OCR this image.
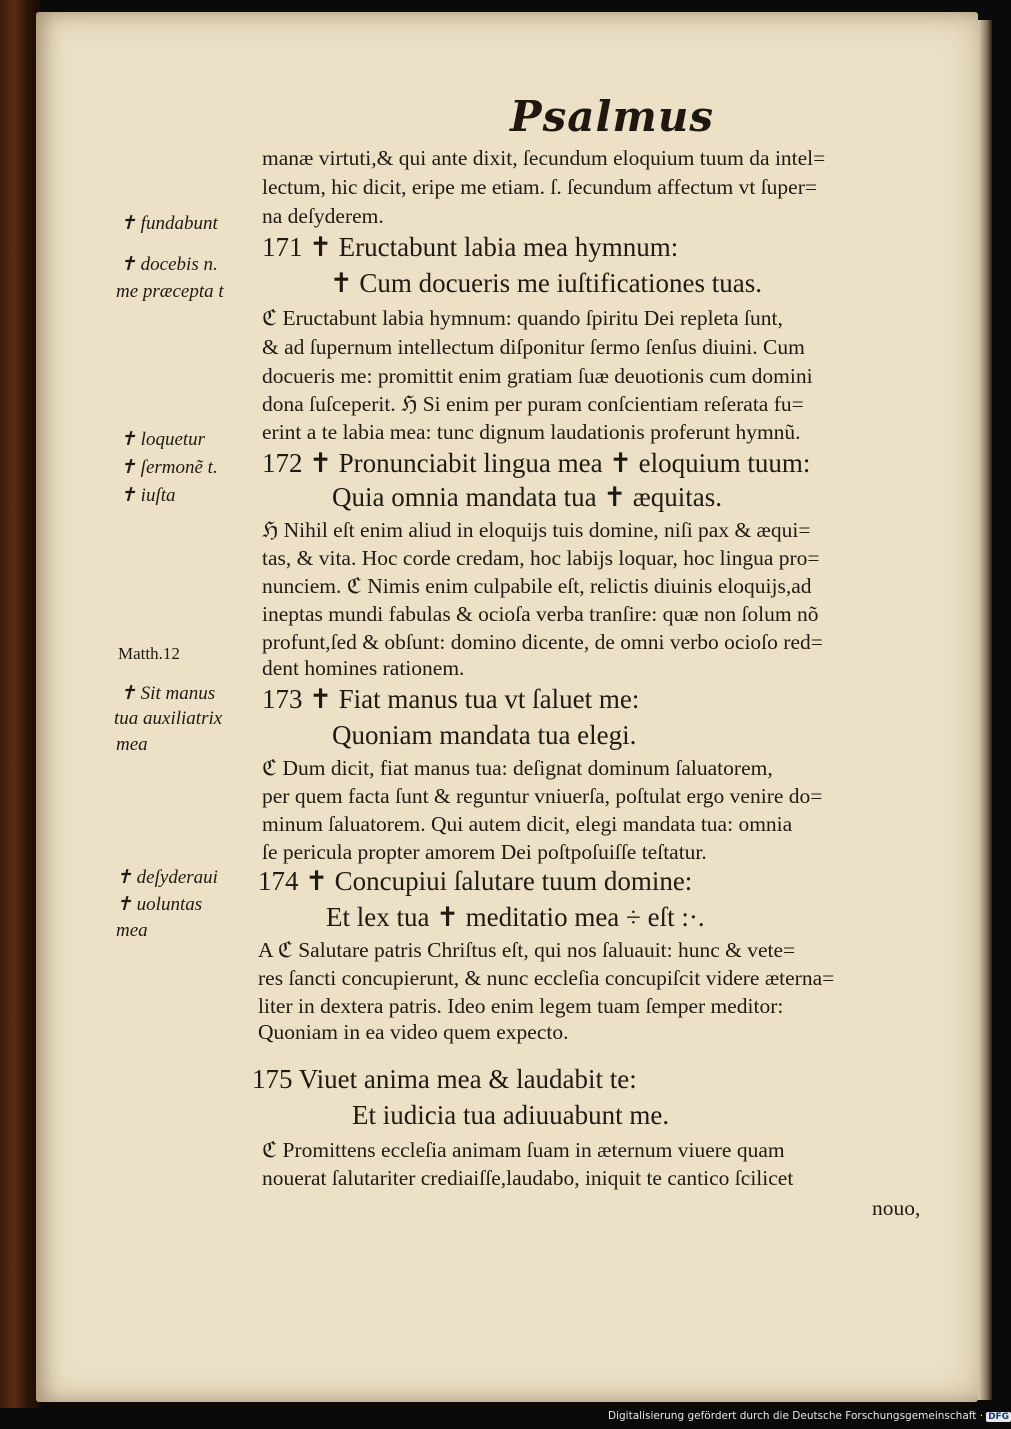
Psalmus
✝ fundabunt
✝ docebis n.
me præcepta t
✝ loquetur
✝ ſermonẽ t.
✝ iuſta
Matth.12
✝ Sit manus
tua auxiliatrix
mea
✝ deſyderaui
✝ uoluntas
mea
manæ virtuti,& qui ante dixit, ſecundum eloquium tuum da intel=
lectum, hic dicit, eripe me etiam. ſ. ſecundum affectum vt ſuper=
na deſyderem.
171 ✝ Eructabunt labia mea hymnum:
✝ Cum docueris me iuſtificationes tuas.
ℭ Eructabunt labia hymnum: quando ſpiritu Dei repleta ſunt,
& ad ſupernum intellectum diſponitur ſermo ſenſus diuini. Cum
docueris me: promittit enim gratiam ſuæ deuotionis cum domini
dona ſuſceperit. ℌ Si enim per puram conſcientiam reſerata fu=
erint a te labia mea: tunc dignum laudationis proferunt hymnũ.
172 ✝ Pronunciabit lingua mea ✝ eloquium tuum:
Quia omnia mandata tua ✝ æquitas.
ℌ Nihil eſt enim aliud in eloquijs tuis domine, niſi pax & æqui=
tas, & vita. Hoc corde credam, hoc labijs loquar, hoc lingua pro=
nunciem. ℭ Nimis enim culpabile eſt, relictis diuinis eloquijs,ad
ineptas mundi fabulas & ocioſa verba tranſire: quæ non ſolum nõ
profunt,ſed & obſunt: domino dicente, de omni verbo ocioſo red=
dent homines rationem.
173 ✝ Fiat manus tua vt ſaluet me:
Quoniam mandata tua elegi.
ℭ Dum dicit, fiat manus tua: deſignat dominum ſaluatorem,
per quem facta ſunt & reguntur vniuerſa, poſtulat ergo venire do=
minum ſaluatorem. Qui autem dicit, elegi mandata tua: omnia
ſe pericula propter amorem Dei poſtpoſuiſſe teſtatur.
174 ✝ Concupiui ſalutare tuum domine:
Et lex tua ✝ meditatio mea ÷ eſt :·.
A ℭ Salutare patris Chriſtus eſt, qui nos ſaluauit: hunc & vete=
res ſancti concupierunt, & nunc eccleſia concupiſcit videre æterna=
liter in dextera patris. Ideo enim legem tuam ſemper meditor:
Quoniam in ea video quem expecto.
175 Viuet anima mea & laudabit te:
Et iudicia tua adiuuabunt me.
ℭ Promittens eccleſia animam ſuam in æternum viuere quam
nouerat ſalutariter crediaiſſe,laudabo, iniquit te cantico ſcilicet
nouo,
Digitalisierung gefördert durch die Deutsche Forschungsgemeinschaft · DFG
